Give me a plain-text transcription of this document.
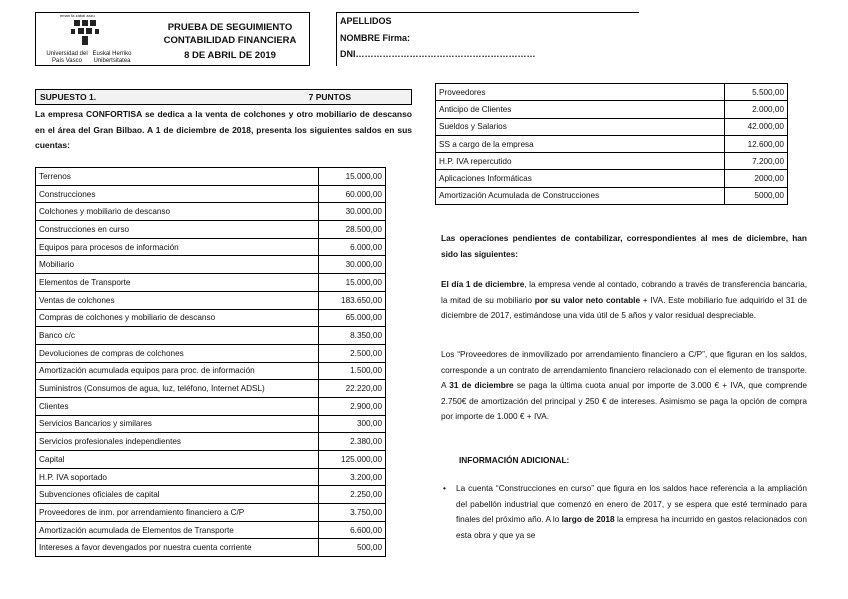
eman ta zabal zazu
Universidad del País Vasco
Euskal Herriko Unibertsitatea
PRUEBA DE SEGUIMIENTO
CONTABILIDAD FINANCIERA
8 DE ABRIL DE 2019
APELLIDOS
NOMBRE Firma:
DNI……………………………………………………
SUPUESTO 1.	7 PUNTOS
La empresa CONFORTISA se dedica a la venta de colchones y otro mobiliario de descanso en el área del Gran Bilbao. A 1 de diciembre de 2018, presenta los siguientes saldos en sus cuentas:
Terrenos	15.000,00
Construcciones	60.000,00
Colchones y mobiliario de descanso	30.000,00
Construcciones en curso	28.500,00
Equipos para procesos de información	6.000,00
Mobiliario	30.000,00
Elementos de Transporte	15.000,00
Ventas de colchones	183.650,00
Compras de colchones y mobiliario de descanso	65.000,00
Banco c/c	8.350,00
Devoluciones de compras de colchones	2.500,00
Amortización acumulada equipos para proc. de información	1.500,00
Suministros (Consumos de agua, luz, teléfono, Internet ADSL)	22.220,00
Clientes	2.900,00
Servicios Bancarios y similares	300,00
Servicios profesionales independientes	2.380,00
Capital	125.000,00
H.P. IVA soportado	3.200,00
Subvenciones oficiales de capital	2.250,00
Proveedores de inm. por arrendamiento financiero a C/P	3.750,00
Amortización acumulada de Elementos de Transporte	6.600,00
Intereses a favor devengados por nuestra cuenta corriente	500,00
Proveedores	5.500,00
Anticipo de Clientes	2.000,00
Sueldos y Salarios	42.000,00
SS a cargo de la empresa	12.600,00
H.P. IVA repercutido	7.200,00
Aplicaciones Informáticas	2000,00
Amortización Acumulada de Construcciones	5000,00

Las operaciones pendientes de contabilizar, correspondientes al mes de diciembre, han sido las siguientes:

El día 1 de diciembre, la empresa vende al contado, cobrando a través de transferencia bancaria, la mitad de su mobiliario por su valor neto contable + IVA. Este mobiliario fue adquirido el 31 de diciembre de 2017, estimándose una vida útil de 5 años y valor residual despreciable.

Los “Proveedores de inmovilizado por arrendamiento financiero a C/P”, que figuran en los saldos, corresponde a un contrato de arrendamiento financiero relacionado con el elemento de transporte. A 31 de diciembre se paga la última cuota anual por importe de 3.000 € + IVA, que comprende 2.750€ de amortización del principal y 250 € de intereses. Asimismo se paga la opción de compra por importe de 1.000 € + IVA.

INFORMACIÓN ADICIONAL:

• La cuenta “Construcciones en curso” que figura en los saldos hace referencia a la ampliación del pabellón industrial que comenzó en enero de 2017, y se espera que esté terminado para finales del próximo año. A lo largo de 2018 la empresa ha incurrido en gastos relacionados con esta obra y que ya se
